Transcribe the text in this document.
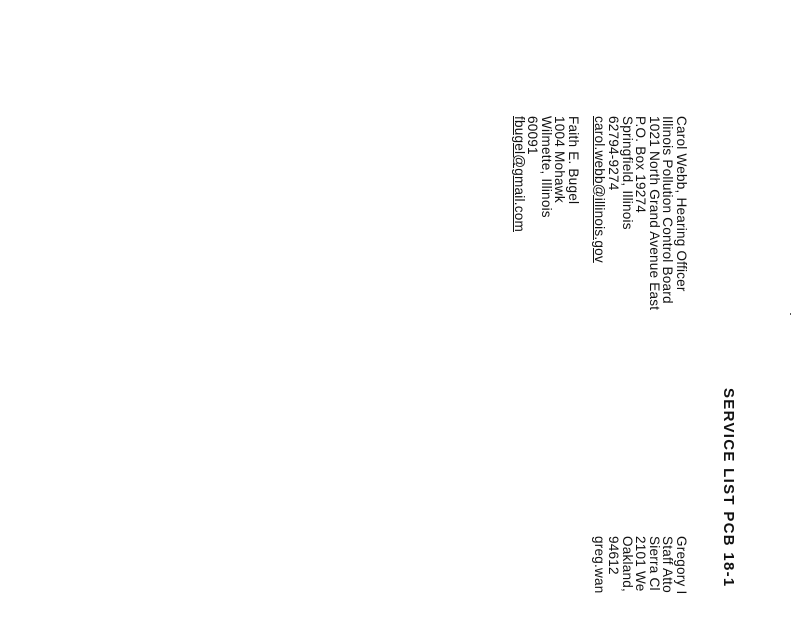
SERVICE LIST PCB 18-1
Carol Webb, Hearing Officer
Illinois Pollution Control Board
1021 North Grand Avenue East
P.O. Box 19274
Springfield, Illinois
62794-9274
carol.webb@illinois.gov
Faith E. Bugel
1004 Mohawk
Wilmette, Illinois
60091
fbugel@gmail.com
Gregory I
Staff Atto
Sierra Cl
2101 We
Oakland,
94612
greg.wan
